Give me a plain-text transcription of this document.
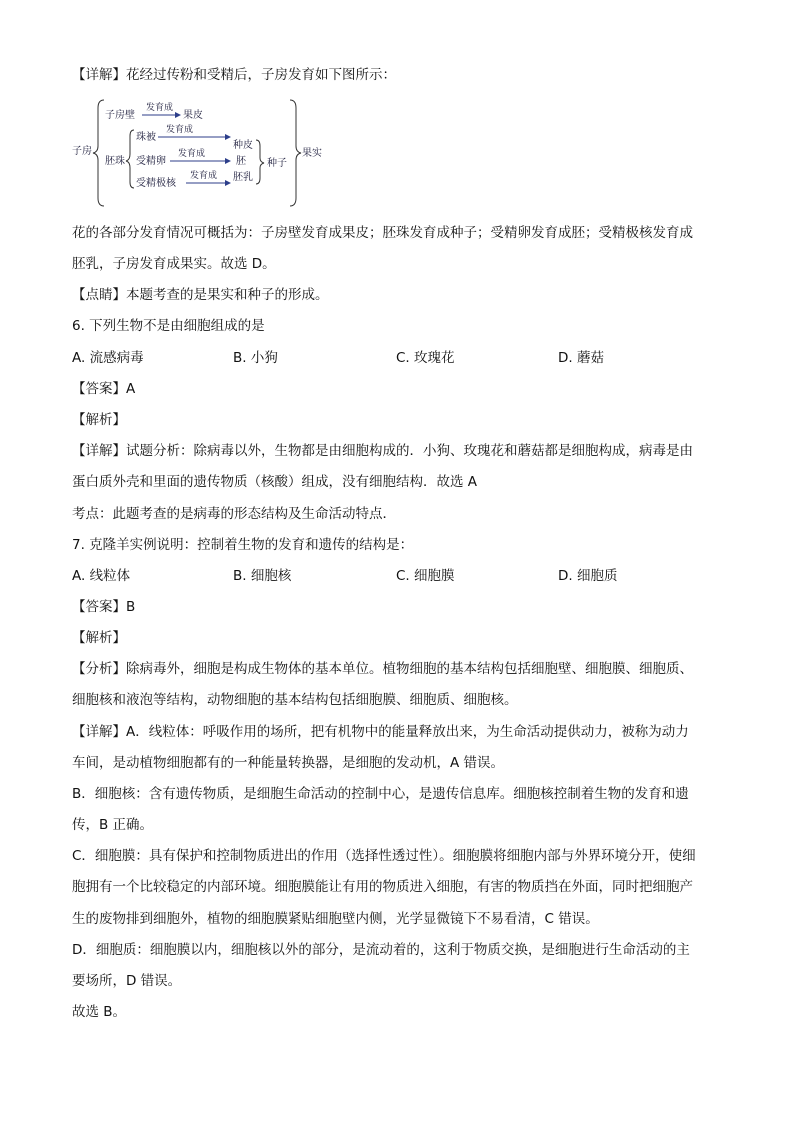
【详解】花经过传粉和受精后，子房发育如下图所示：
子房
子房壁
发育成
果皮
胚珠
珠被
发育成
受精卵
发育成
受精极核
发育成
种皮
胚
胚乳
种子
果实
花的各部分发育情况可概括为：子房壁发育成果皮；胚珠发育成种子；受精卵发育成胚；受精极核发育成
胚乳，子房发育成果实。故选 D。
【点睛】本题考查的是果实和种子的形成。
6. 下列生物不是由细胞组成的是
A. 流感病毒	B. 小狗	C. 玫瑰花	D. 蘑菇
【答案】A
【解析】
【详解】试题分析：除病毒以外，生物都是由细胞构成的．小狗、玫瑰花和蘑菇都是细胞构成，病毒是由
蛋白质外壳和里面的遗传物质（核酸）组成，没有细胞结构．故选 A
考点：此题考查的是病毒的形态结构及生命活动特点．
7. 克隆羊实例说明：控制着生物的发育和遗传的结构是：
A. 线粒体	B. 细胞核	C. 细胞膜	D. 细胞质
【答案】B
【解析】
【分析】除病毒外，细胞是构成生物体的基本单位。植物细胞的基本结构包括细胞壁、细胞膜、细胞质、
细胞核和液泡等结构，动物细胞的基本结构包括细胞膜、细胞质、细胞核。
【详解】A．线粒体：呼吸作用的场所，把有机物中的能量释放出来，为生命活动提供动力，被称为动力
车间，是动植物细胞都有的一种能量转换器，是细胞的发动机，A 错误。
B．细胞核：含有遗传物质，是细胞生命活动的控制中心，是遗传信息库。细胞核控制着生物的发育和遗
传，B 正确。
C．细胞膜：具有保护和控制物质进出的作用（选择性透过性）。细胞膜将细胞内部与外界环境分开，使细
胞拥有一个比较稳定的内部环境。细胞膜能让有用的物质进入细胞，有害的物质挡在外面，同时把细胞产
生的废物排到细胞外，植物的细胞膜紧贴细胞壁内侧，光学显微镜下不易看清，C 错误。
D．细胞质：细胞膜以内，细胞核以外的部分，是流动着的，这利于物质交换，是细胞进行生命活动的主
要场所，D 错误。
故选 B。
